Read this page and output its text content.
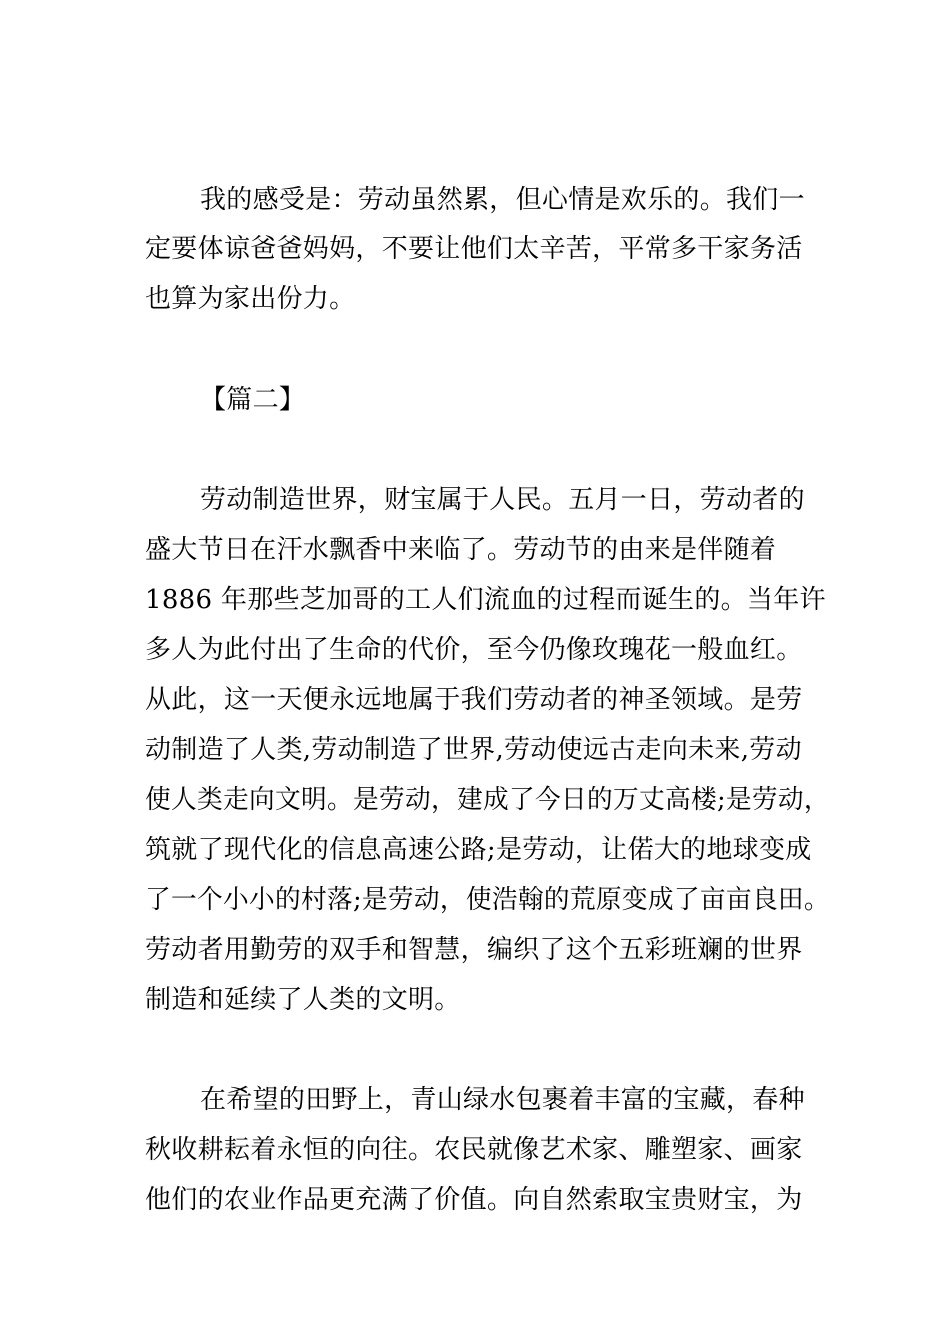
我的感受是：劳动虽然累，但心情是欢乐的。我们一
定要体谅爸爸妈妈，不要让他们太辛苦，平常多干家务活
也算为家出份力。
【篇二】
劳动制造世界，财宝属于人民。五月一日，劳动者的
盛大节日在汗水飘香中来临了。劳动节的由来是伴随着
1886 年那些芝加哥的工人们流血的过程而诞生的。当年许
多人为此付出了生命的代价，至今仍像玫瑰花一般血红。
从此，这一天便永远地属于我们劳动者的神圣领域。是劳
动制造了人类,劳动制造了世界,劳动使远古走向未来,劳动
使人类走向文明。是劳动，建成了今日的万丈高楼;是劳动，
筑就了现代化的信息高速公路;是劳动，让偌大的地球变成
了一个小小的村落;是劳动，使浩翰的荒原变成了亩亩良田。
劳动者用勤劳的双手和智慧，编织了这个五彩班斓的世界
制造和延续了人类的文明。
在希望的田野上，青山绿水包裹着丰富的宝藏，春种
秋收耕耘着永恒的向往。农民就像艺术家、雕塑家、画家
他们的农业作品更充满了价值。向自然索取宝贵财宝，为
